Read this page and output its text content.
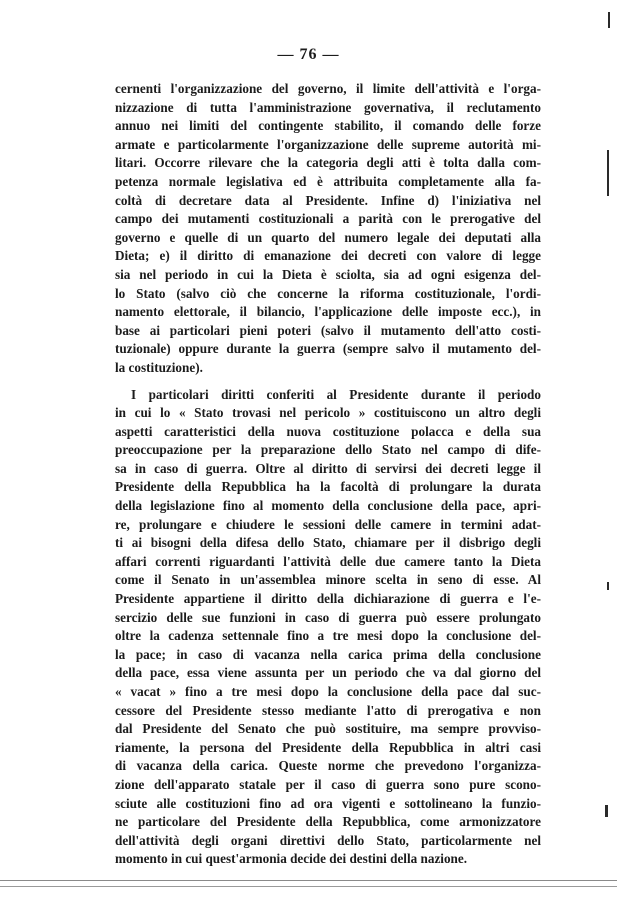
— 76 —
cernenti l'organizzazione del governo, il limite dell'attività e l'orga-
nizzazione di tutta l'amministrazione governativa, il reclutamento
annuo nei limiti del contingente stabilito, il comando delle forze
armate e particolarmente l'organizzazione delle supreme autorità mi-
litari. Occorre rilevare che la categoria degli atti è tolta dalla com-
petenza normale legislativa ed è attribuita completamente alla fa-
coltà di decretare data al Presidente. Infine d) l'iniziativa nel
campo dei mutamenti costituzionali a parità con le prerogative del
governo e quelle di un quarto del numero legale dei deputati alla
Dieta; e) il diritto di emanazione dei decreti con valore di legge
sia nel periodo in cui la Dieta è sciolta, sia ad ogni esigenza del-
lo Stato (salvo ciò che concerne la riforma costituzionale, l'ordi-
namento elettorale, il bilancio, l'applicazione delle imposte ecc.), in
base ai particolari pieni poteri (salvo il mutamento dell'atto costi-
tuzionale) oppure durante la guerra (sempre salvo il mutamento del-
la costituzione).
I particolari diritti conferiti al Presidente durante il periodo
in cui lo « Stato trovasi nel pericolo » costituiscono un altro degli
aspetti caratteristici della nuova costituzione polacca e della sua
preoccupazione per la preparazione dello Stato nel campo di dife-
sa in caso di guerra. Oltre al diritto di servirsi dei decreti legge il
Presidente della Repubblica ha la facoltà di prolungare la durata
della legislazione fino al momento della conclusione della pace, apri-
re, prolungare e chiudere le sessioni delle camere in termini adat-
ti ai bisogni della difesa dello Stato, chiamare per il disbrigo degli
affari correnti riguardanti l'attività delle due camere tanto la Dieta
come il Senato in un'assemblea minore scelta in seno di esse. Al
Presidente appartiene il diritto della dichiarazione di guerra e l'e-
sercizio delle sue funzioni in caso di guerra può essere prolungato
oltre la cadenza settennale fino a tre mesi dopo la conclusione del-
la pace; in caso di vacanza nella carica prima della conclusione
della pace, essa viene assunta per un periodo che va dal giorno del
« vacat » fino a tre mesi dopo la conclusione della pace dal suc-
cessore del Presidente stesso mediante l'atto di prerogativa e non
dal Presidente del Senato che può sostituire, ma sempre provviso-
riamente, la persona del Presidente della Repubblica in altri casi
di vacanza della carica. Queste norme che prevedono l'organizza-
zione dell'apparato statale per il caso di guerra sono pure scono-
sciute alle costituzioni fino ad ora vigenti e sottolineano la funzio-
ne particolare del Presidente della Repubblica, come armonizzatore
dell'attività degli organi direttivi dello Stato, particolarmente nel
momento in cui quest'armonia decide dei destini della nazione.
